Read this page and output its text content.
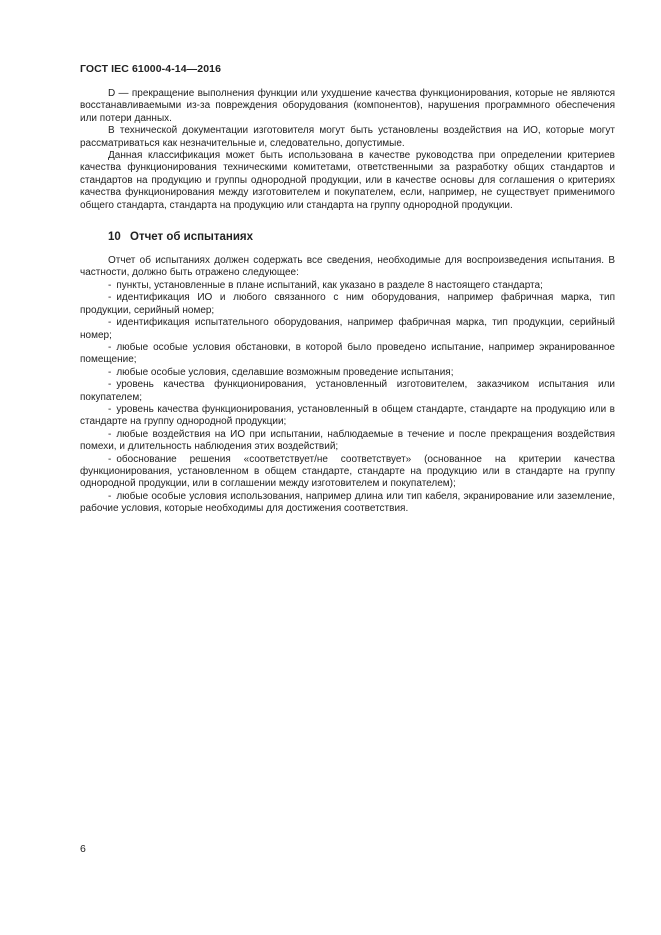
ГОСТ IEC 61000-4-14—2016

D — прекращение выполнения функции или ухудшение качества функционирования, которые не являются восстанавливаемыми из-за повреждения оборудования (компонентов), нарушения программного обеспечения или потери данных.

В технической документации изготовителя могут быть установлены воздействия на ИО, которые могут рассматриваться как незначительные и, следовательно, допустимые.

Данная классификация может быть использована в качестве руководства при определении критериев качества функционирования техническими комитетами, ответственными за разработку общих стандартов и стандартов на продукцию и группы однородной продукции, или в качестве основы для соглашения о критериях качества функционирования между изготовителем и покупателем, если, например, не существует применимого общего стандарта, стандарта на продукцию или стандарта на группу однородной продукции.

10 Отчет об испытаниях

Отчет об испытаниях должен содержать все сведения, необходимые для воспроизведения испытания. В частности, должно быть отражено следующее:

- пункты, установленные в плане испытаний, как указано в разделе 8 настоящего стандарта;
- идентификация ИО и любого связанного с ним оборудования, например фабричная марка, тип продукции, серийный номер;
- идентификация испытательного оборудования, например фабричная марка, тип продукции, серийный номер;
- любые особые условия обстановки, в которой было проведено испытание, например экранированное помещение;
- любые особые условия, сделавшие возможным проведение испытания;
- уровень качества функционирования, установленный изготовителем, заказчиком испытания или покупателем;
- уровень качества функционирования, установленный в общем стандарте, стандарте на продукцию или в стандарте на группу однородной продукции;
- любые воздействия на ИО при испытании, наблюдаемые в течение и после прекращения воздействия помехи, и длительность наблюдения этих воздействий;
- обоснование решения «соответствует/не соответствует» (основанное на критерии качества функционирования, установленном в общем стандарте, стандарте на продукцию или в стандарте на группу однородной продукции, или в соглашении между изготовителем и покупателем);
- любые особые условия использования, например длина или тип кабеля, экранирование или заземление, рабочие условия, которые необходимы для достижения соответствия.
6
